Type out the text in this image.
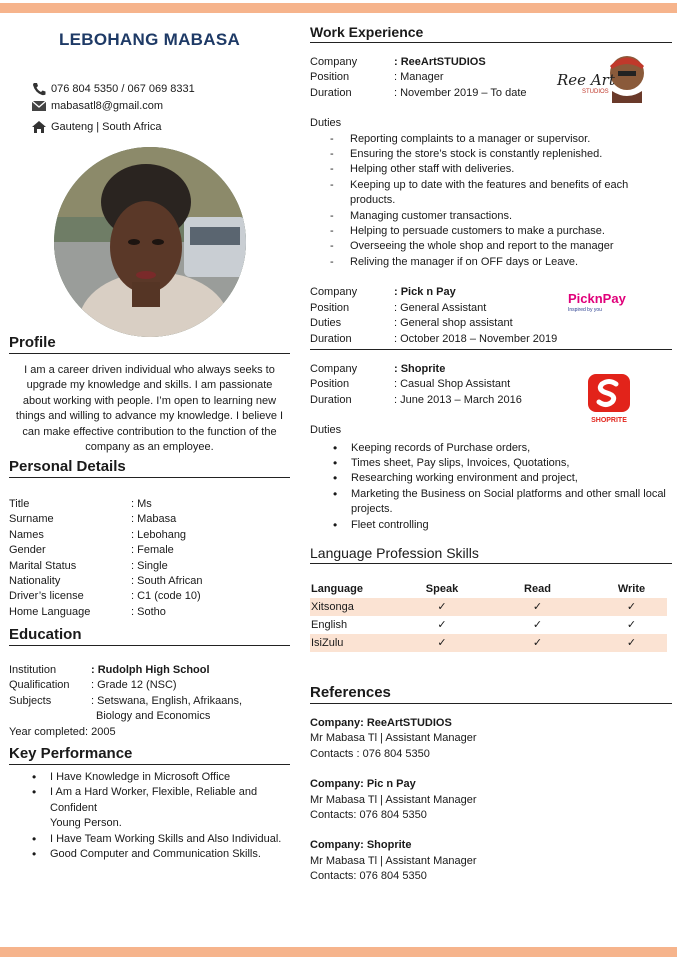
LEBOHANG MABASA
076 804 5350 / 067 069 8331
mabasatl8@gmail.com
Gauteng | South Africa
Profile

I am a career driven individual who always seeks to upgrade my knowledge and skills. I am passionate about working with people. I’m open to learning new things and willing to advance my knowledge. I believe I can make effective contribution to the function of the company as an employee.

Personal Details
Title	: Ms
Surname	: Mabasa
Names	: Lebohang
Gender	: Female
Marital Status	: Single
Nationality	: South African
Driver’s license	: C1 (code 10)
Home Language	: Sotho
Education
Institution	: Rudolph High School
Qualification	: Grade 12 (NSC)
Subjects	: Setswana, English, Afrikaans,
Biology and Economics
Year completed: 2005
Key Performance
• I Have Knowledge in Microsoft Office
• I Am a Hard Worker, Flexible, Reliable and Confident
Young Person.
• I Have Team Working Skills and Also Individual.
• Good Computer and Communication Skills.
Work Experience
Company	: ReeArtSTUDIOS
Position	: Manager
Duration	: November 2019 – To date
Ree Art
STUDIOS
Duties
- Reporting complaints to a manager or supervisor.
- Ensuring the store’s stock is constantly replenished.
- Helping other staff with deliveries.
- Keeping up to date with the features and benefits of each products.
- Managing customer transactions.
- Helping to persuade customers to make a purchase.
- Overseeing the whole shop and report to the manager
- Reliving the manager if on OFF days or Leave.
Company	: Pick n Pay
Position	: General Assistant
Duties	: General shop assistant
Duration	: October 2018 – November 2019
PicknPay
Inspired by you
Company	: Shoprite
Position	: Casual Shop Assistant
Duration	: June 2013 – March 2016
SHOPRITE
Duties
• Keeping records of Purchase orders,
• Times sheet, Pay slips, Invoices, Quotations,
• Researching working environment and project,
• Marketing the Business on Social platforms and other small local projects.
• Fleet controlling
Language Profession Skills
Language	Speak	Read	Write
Xitsonga	✓	✓	✓
English	✓	✓	✓
IsiZulu	✓	✓	✓
References

Company: ReeArtSTUDIOS

Mr Mabasa Tl | Assistant Manager

Contacts : 076 804 5350

Company: Pic n Pay

Mr Mabasa Tl | Assistant Manager

Contacts: 076 804 5350

Company: Shoprite

Mr Mabasa Tl | Assistant Manager

Contacts: 076 804 5350
